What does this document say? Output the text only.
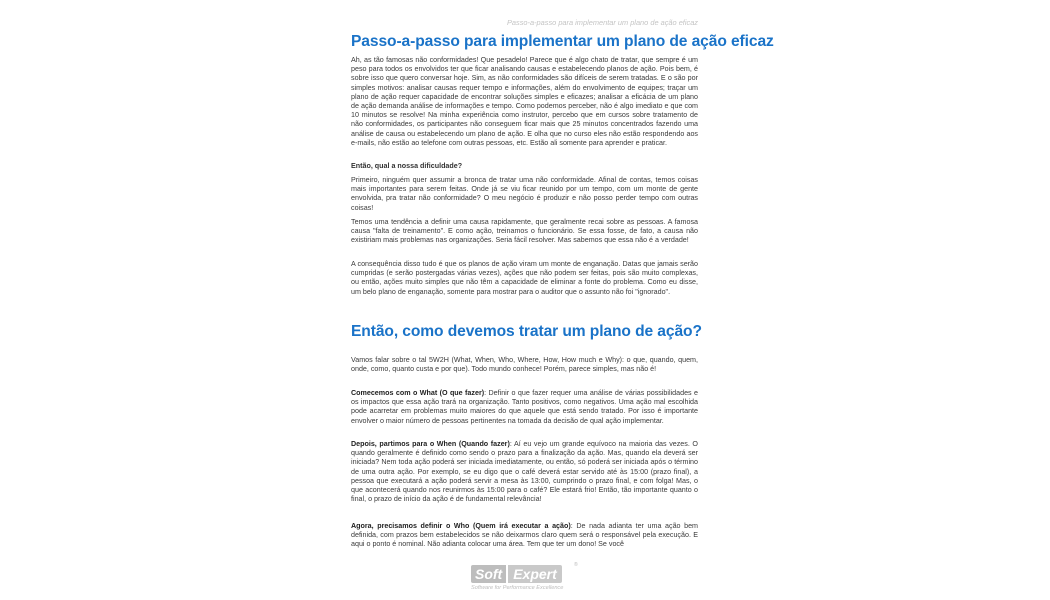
Passo-a-passo para implementar um plano de ação eficaz
Passo-a-passo para implementar um plano de ação eficaz

Ah, as tão famosas não conformidades! Que pesadelo! Parece que é algo chato de tratar, que sempre é um peso para todos os envolvidos ter que ficar analisando causas e estabelecendo planos de ação. Pois bem, é sobre isso que quero conversar hoje. Sim, as não conformidades são difíceis de serem tratadas. E o são por simples motivos: analisar causas requer tempo e informações, além do envolvimento de equipes; traçar um plano de ação requer capacidade de encontrar soluções simples e eficazes; analisar a eficácia de um plano de ação demanda análise de informações e tempo. Como podemos perceber, não é algo imediato e que com 10 minutos se resolve! Na minha experiência como instrutor, percebo que em cursos sobre tratamento de não conformidades, os participantes não conseguem ficar mais que 25 minutos concentrados fazendo uma análise de causa ou estabelecendo um plano de ação. E olha que no curso eles não estão respondendo aos e-mails, não estão ao telefone com outras pessoas, etc. Estão ali somente para aprender e praticar.

Então, qual a nossa dificuldade?

Primeiro, ninguém quer assumir a bronca de tratar uma não conformidade. Afinal de contas, temos coisas mais importantes para serem feitas. Onde já se viu ficar reunido por um tempo, com um monte de gente envolvida, pra tratar não conformidade? O meu negócio é produzir e não posso perder tempo com outras coisas!

Temos uma tendência a definir uma causa rapidamente, que geralmente recai sobre as pessoas. A famosa causa "falta de treinamento". E como ação, treinamos o funcionário. Se essa fosse, de fato, a causa não existiriam mais problemas nas organizações. Seria fácil resolver. Mas sabemos que essa não é a verdade!

A consequência disso tudo é que os planos de ação viram um monte de enganação. Datas que jamais serão cumpridas (e serão postergadas várias vezes), ações que não podem ser feitas, pois são muito complexas, ou então, ações muito simples que não têm a capacidade de eliminar a fonte do problema. Como eu disse, um belo plano de enganação, somente para mostrar para o auditor que o assunto não foi "ignorado".

Então, como devemos tratar um plano de ação?

Vamos falar sobre o tal 5W2H (What, When, Who, Where, How, How much e Why): o que, quando, quem, onde, como, quanto custa e por que). Todo mundo conhece! Porém, parece simples, mas não é!

Comecemos com o What (O que fazer): Definir o que fazer requer uma análise de várias possibilidades e os impactos que essa ação trará na organização. Tanto positivos, como negativos. Uma ação mal escolhida pode acarretar em problemas muito maiores do que aquele que está sendo tratado. Por isso é importante envolver o maior número de pessoas pertinentes na tomada da decisão de qual ação implementar.

Depois, partimos para o When (Quando fazer): Aí eu vejo um grande equívoco na maioria das vezes. O quando geralmente é definido como sendo o prazo para a finalização da ação. Mas, quando ela deverá ser iniciada? Nem toda ação poderá ser iniciada imediatamente, ou então, só poderá ser iniciada após o término de uma outra ação. Por exemplo, se eu digo que o café deverá estar servido até às 15:00 (prazo final), a pessoa que executará a ação poderá servir a mesa às 13:00, cumprindo o prazo final, e com folga! Mas, o que acontecerá quando nos reunirmos às 15:00 para o café? Ele estará frio! Então, tão importante quanto o final, o prazo de início da ação é de fundamental relevância!

Agora, precisamos definir o Who (Quem irá executar a ação): De nada adianta ter uma ação bem definida, com prazos bem estabelecidos se não deixarmos claro quem será o responsável pela execução. E aqui o ponto é nominal. Não adianta colocar uma área. Tem que ter um dono! Se você

Soft Expert
®
Software for Performance Excellence
